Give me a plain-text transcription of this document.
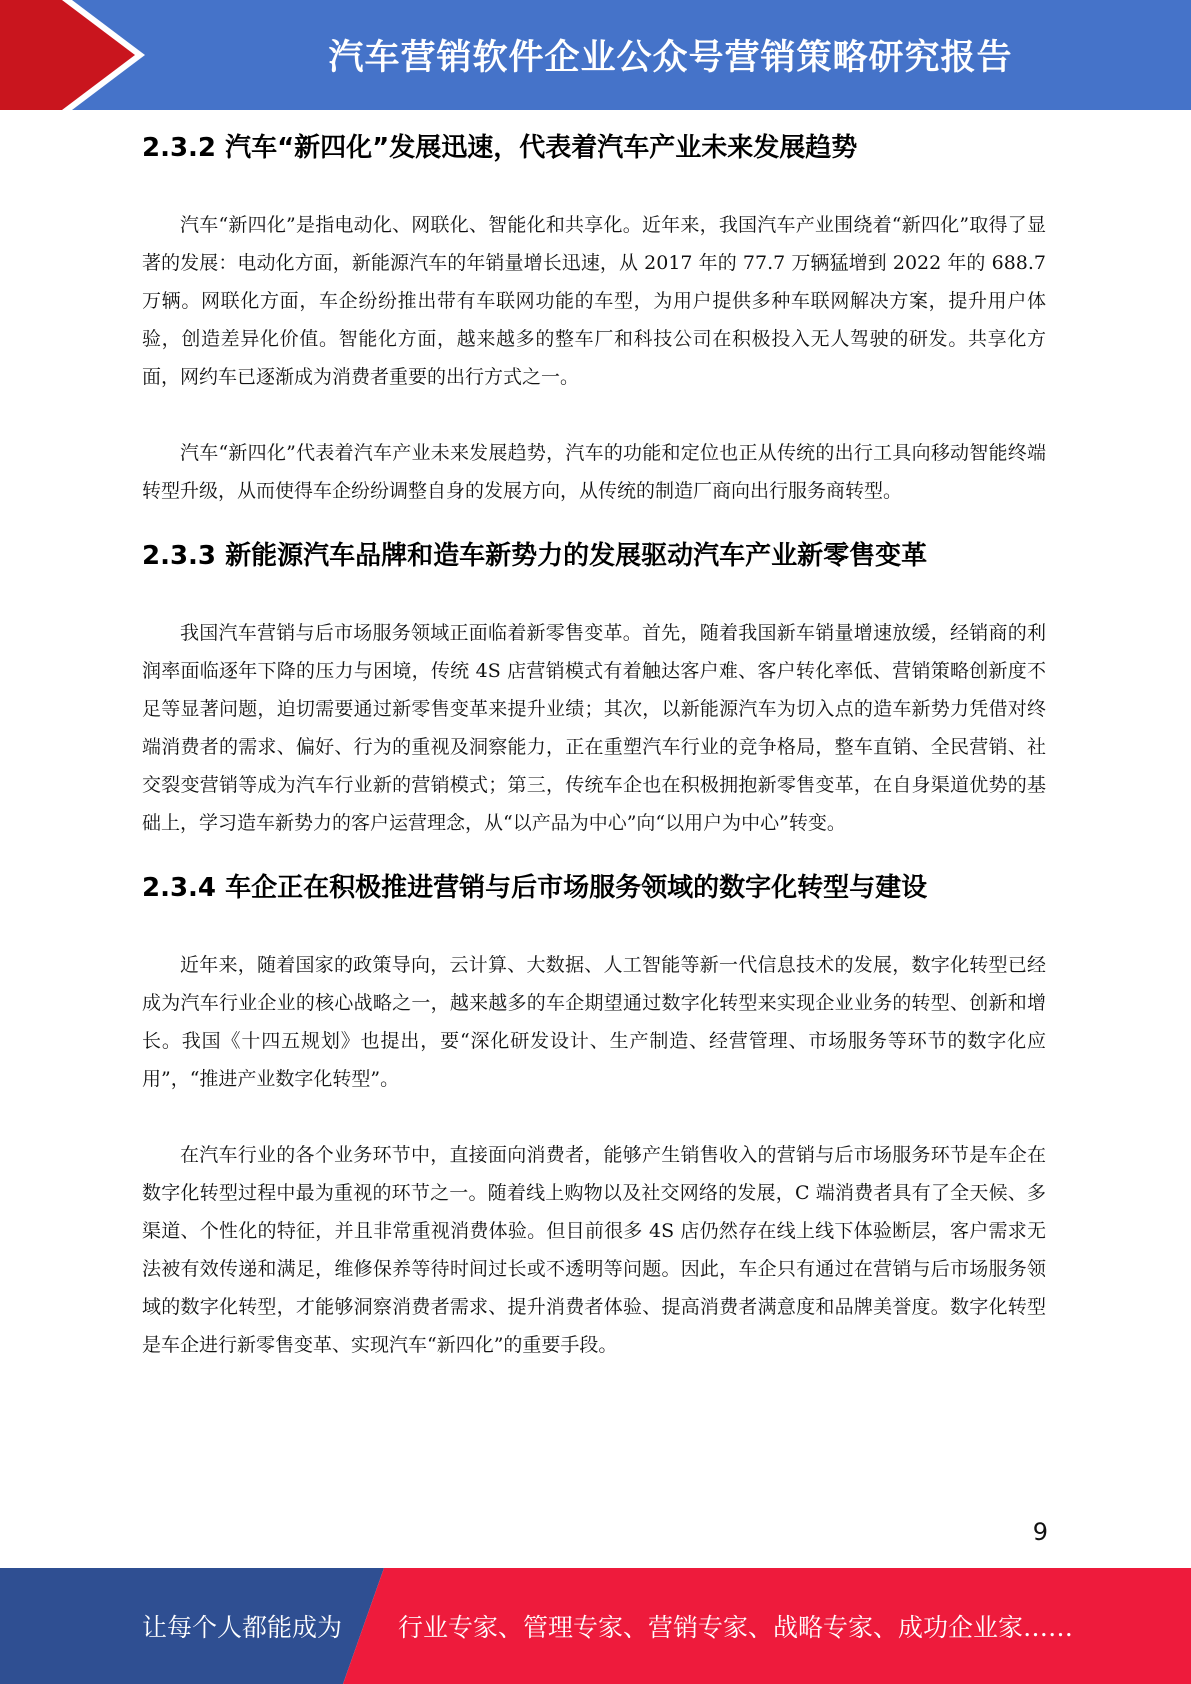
汽车营销软件企业公众号营销策略研究报告
2.3.2 汽车“新四化”发展迅速，代表着汽车产业未来发展趋势

汽车“新四化”是指电动化、网联化、智能化和共享化。近年来，我国汽车产业围绕着“新四化”取得了显著的发展：电动化方面，新能源汽车的年销量增长迅速，从 2017 年的 77.7 万辆猛增到 2022 年的 688.7 万辆。网联化方面，车企纷纷推出带有车联网功能的车型，为用户提供多种车联网解决方案，提升用户体验，创造差异化价值。智能化方面，越来越多的整车厂和科技公司在积极投入无人驾驶的研发。共享化方面，网约车已逐渐成为消费者重要的出行方式之一。

汽车“新四化”代表着汽车产业未来发展趋势，汽车的功能和定位也正从传统的出行工具向移动智能终端转型升级，从而使得车企纷纷调整自身的发展方向，从传统的制造厂商向出行服务商转型。

2.3.3 新能源汽车品牌和造车新势力的发展驱动汽车产业新零售变革

我国汽车营销与后市场服务领域正面临着新零售变革。首先，随着我国新车销量增速放缓，经销商的利润率面临逐年下降的压力与困境，传统 4S 店营销模式有着触达客户难、客户转化率低、营销策略创新度不足等显著问题，迫切需要通过新零售变革来提升业绩；其次，以新能源汽车为切入点的造车新势力凭借对终端消费者的需求、偏好、行为的重视及洞察能力，正在重塑汽车行业的竞争格局，整车直销、全民营销、社交裂变营销等成为汽车行业新的营销模式；第三，传统车企也在积极拥抱新零售变革，在自身渠道优势的基础上，学习造车新势力的客户运营理念，从“以产品为中心”向“以用户为中心”转变。

2.3.4 车企正在积极推进营销与后市场服务领域的数字化转型与建设

近年来，随着国家的政策导向，云计算、大数据、人工智能等新一代信息技术的发展，数字化转型已经成为汽车行业企业的核心战略之一，越来越多的车企期望通过数字化转型来实现企业业务的转型、创新和增长。我国《十四五规划》也提出，要“深化研发设计、生产制造、经营管理、市场服务等环节的数字化应用”，“推进产业数字化转型”。

在汽车行业的各个业务环节中，直接面向消费者，能够产生销售收入的营销与后市场服务环节是车企在数字化转型过程中最为重视的环节之一。随着线上购物以及社交网络的发展，C 端消费者具有了全天候、多渠道、个性化的特征，并且非常重视消费体验。但目前很多 4S 店仍然存在线上线下体验断层，客户需求无法被有效传递和满足，维修保养等待时间过长或不透明等问题。因此，车企只有通过在营销与后市场服务领域的数字化转型，才能够洞察消费者需求、提升消费者体验、提高消费者满意度和品牌美誉度。数字化转型是车企进行新零售变革、实现汽车“新四化”的重要手段。

9
让每个人都能成为 行业专家、管理专家、营销专家、战略专家、成功企业家……
